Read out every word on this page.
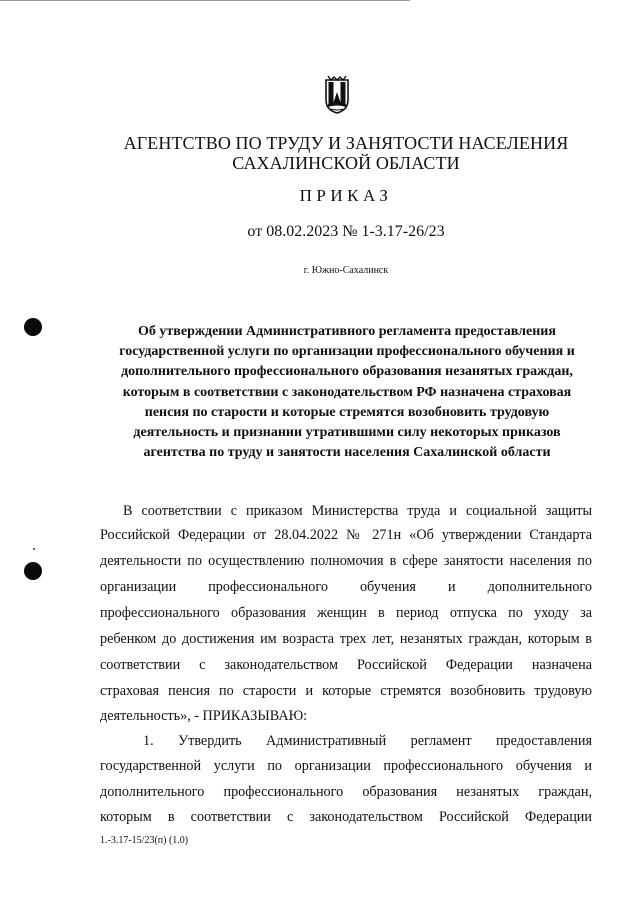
АГЕНТСТВО ПО ТРУДУ И ЗАНЯТОСТИ НАСЕЛЕНИЯ
САХАЛИНСКОЙ ОБЛАСТИ
ПРИКАЗ
от 08.02.2023 № 1-3.17-26/23
г. Южно-Сахалинск
Об утверждении Административного регламента предоставления
государственной услуги по организации профессионального обучения и
дополнительного профессионального образования незанятых граждан,
которым в соответствии с законодательством РФ назначена страховая
пенсия по старости и которые стремятся возобновить трудовую
деятельность и признании утратившими силу некоторых приказов
агентства по труду и занятости населения Сахалинской области
В соответствии с приказом Министерства труда и социальной защиты
Российской Федерации от 28.04.2022 № 271н «Об утверждении Стандарта
деятельности по осуществлению полномочия в сфере занятости населения по
организации профессионального обучения и дополнительного
профессионального образования женщин в период отпуска по уходу за
ребенком до достижения им возраста трех лет, незанятых граждан, которым в
соответствии с законодательством Российской Федерации назначена
страховая пенсия по старости и которые стремятся возобновить трудовую
деятельность», - ПРИКАЗЫВАЮ:
1. Утвердить Административный регламент предоставления
государственной услуги по организации профессионального обучения и
дополнительного профессионального образования незанятых граждан,
которым в соответствии с законодательством Российской Федерации
1.-3.17-15/23(п) (1.0)
